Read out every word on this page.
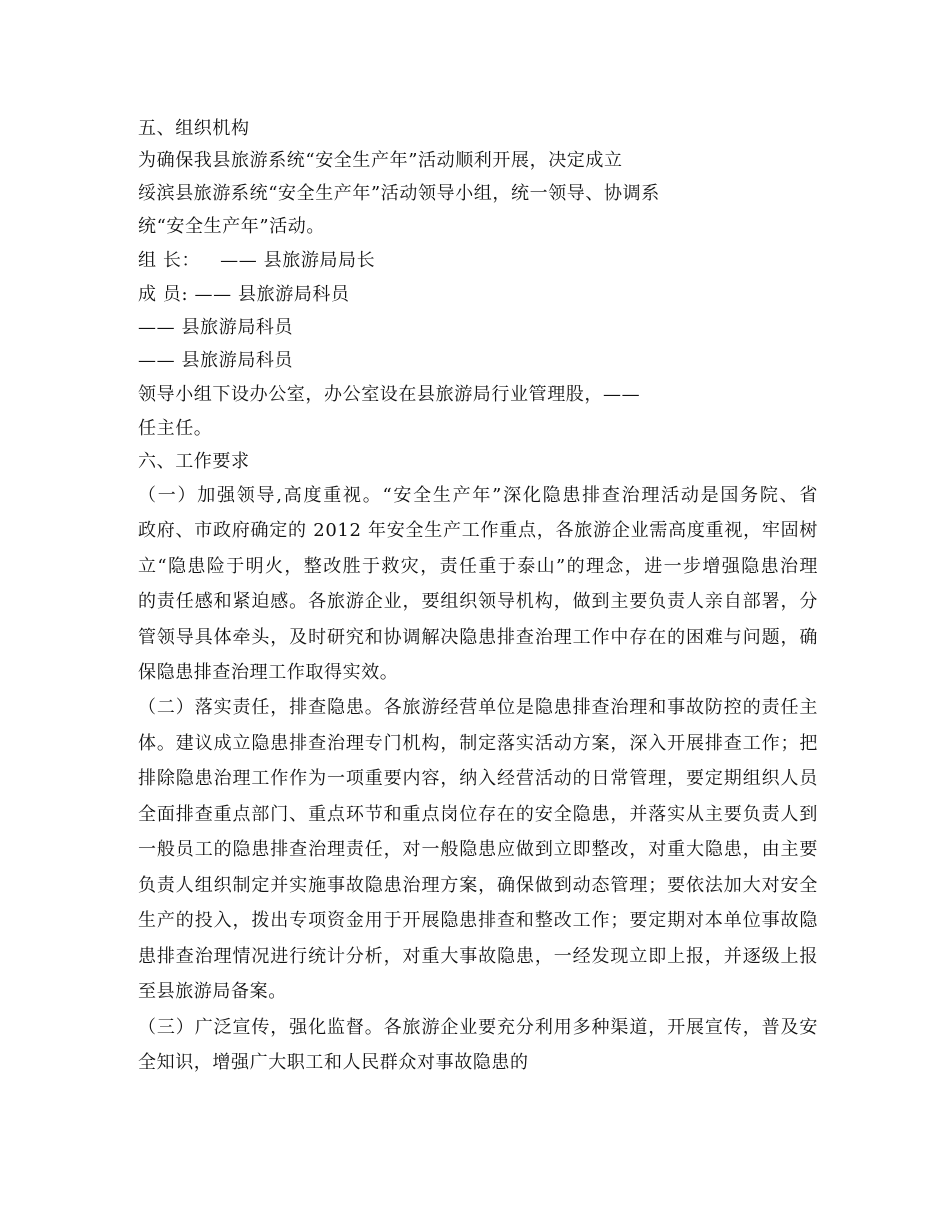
五、组织机构
为确保我县旅游系统“安全生产年”活动顺利开展，决定成立
绥滨县旅游系统“安全生产年”活动领导小组，统一领导、协调系
统“安全生产年”活动。
组 长： —— 县旅游局局长
成 员: —— 县旅游局科员
—— 县旅游局科员
—— 县旅游局科员
领导小组下设办公室，办公室设在县旅游局行业管理股，——
任主任。
六、工作要求
（一）加强领导,高度重视。“安全生产年”深化隐患排查治理活动是国务院、省
政府、市政府确定的 2012 年安全生产工作重点，各旅游企业需高度重视，牢固树
立“隐患险于明火，整改胜于救灾，责任重于泰山”的理念，进一步增强隐患治理
的责任感和紧迫感。各旅游企业，要组织领导机构，做到主要负责人亲自部署，分
管领导具体牵头，及时研究和协调解决隐患排查治理工作中存在的困难与问题，确
保隐患排查治理工作取得实效。
（二）落实责任，排查隐患。各旅游经营单位是隐患排查治理和事故防控的责任主
体。建议成立隐患排查治理专门机构，制定落实活动方案，深入开展排查工作；把
排除隐患治理工作作为一项重要内容，纳入经营活动的日常管理，要定期组织人员
全面排查重点部门、重点环节和重点岗位存在的安全隐患，并落实从主要负责人到
一般员工的隐患排查治理责任，对一般隐患应做到立即整改，对重大隐患，由主要
负责人组织制定并实施事故隐患治理方案，确保做到动态管理；要依法加大对安全
生产的投入，拨出专项资金用于开展隐患排查和整改工作；要定期对本单位事故隐
患排查治理情况进行统计分析，对重大事故隐患，一经发现立即上报，并逐级上报
至县旅游局备案。
（三）广泛宣传，强化监督。各旅游企业要充分利用多种渠道，开展宣传，普及安
全知识，增强广大职工和人民群众对事故隐患的
